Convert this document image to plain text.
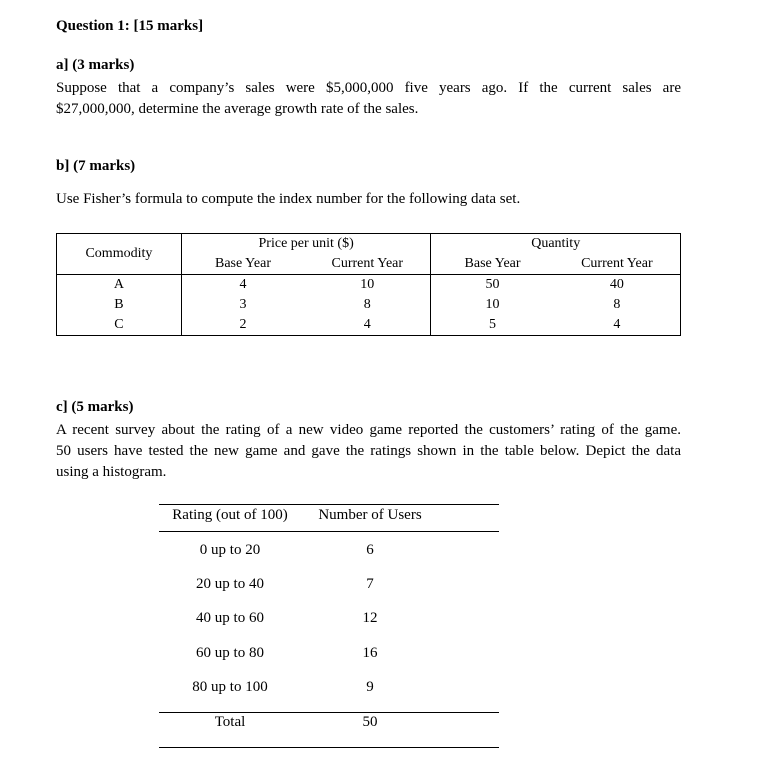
Question 1: [15 marks]
a] (3 marks)
Suppose that a company’s sales were $5,000,000 five years ago. If the current sales are
$27,000,000, determine the average growth rate of the sales.
b] (7 marks)
Use Fisher’s formula to compute the index number for the following data set.
Commodity	Price per unit ($)		Quantity	
	Base Year	Current Year	Base Year	Current Year
A	4	10	50	40
B	3	8	10	8
C	2	4	5	4
c] (5 marks)
A recent survey about the rating of a new video game reported the customers’ rating of the game.
50 users have tested the new game and gave the ratings shown in the table below. Depict the data
using a histogram.
Rating (out of 100)	Number of Users
0 up to 20	6
20 up to 40	7
40 up to 60	12
60 up to 80	16
80 up to 100	9
Total	50
